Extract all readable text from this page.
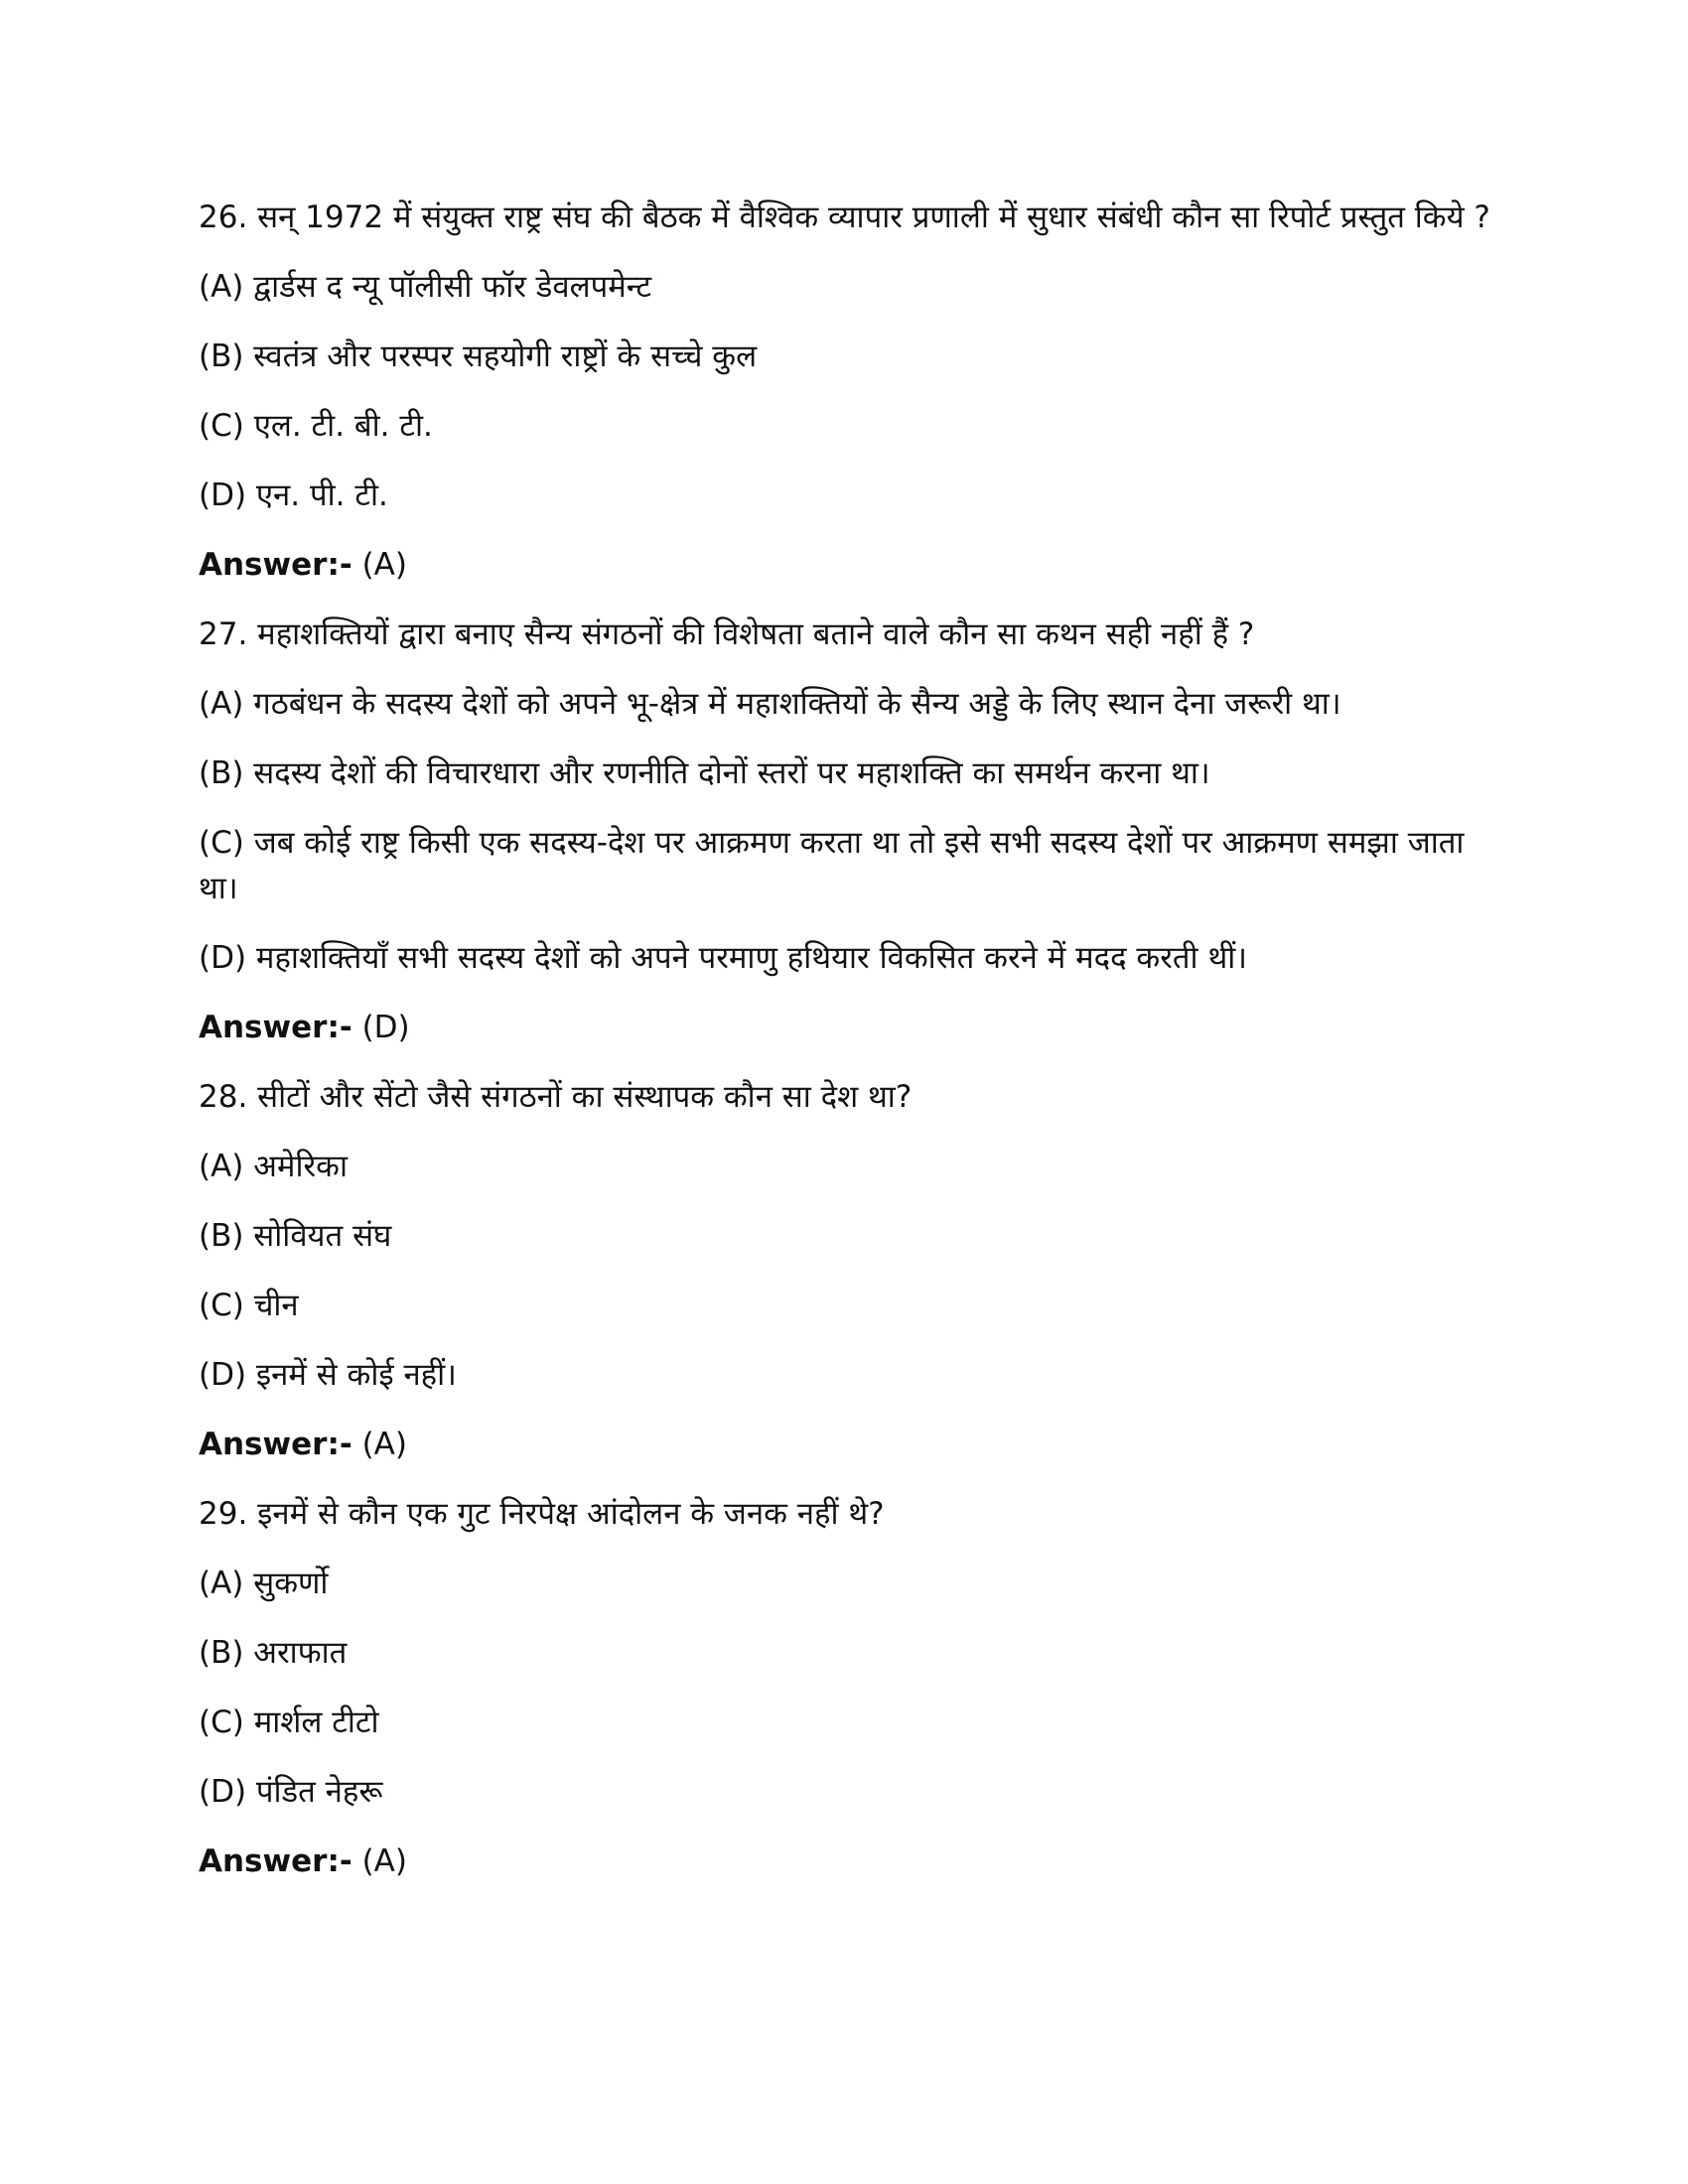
26. सन् 1972 में संयुक्त राष्ट्र संघ की बैठक में वैश्विक व्यापार प्रणाली में सुधार संबंधी कौन सा रिपोर्ट प्रस्तुत किये ?

(A) द्वार्डस द न्यू पॉलीसी फॉर डेवलपमेन्ट

(B) स्वतंत्र और परस्पर सहयोगी राष्ट्रों के सच्चे कुल

(C) एल. टी. बी. टी.

(D) एन. पी. टी.

Answer:- (A)

27. महाशक्तियों द्वारा बनाए सैन्य संगठनों की विशेषता बताने वाले कौन सा कथन सही नहीं हैं ?

(A) गठबंधन के सदस्य देशों को अपने भू-क्षेत्र में महाशक्तियों के सैन्य अड्डे के लिए स्थान देना जरूरी था।

(B) सदस्य देशों की विचारधारा और रणनीति दोनों स्तरों पर महाशक्ति का समर्थन करना था।

(C) जब कोई राष्ट्र किसी एक सदस्य-देश पर आक्रमण करता था तो इसे सभी सदस्य देशों पर आक्रमण समझा जाता था।

(D) महाशक्तियाँ सभी सदस्य देशों को अपने परमाणु हथियार विकसित करने में मदद करती थीं।

Answer:- (D)

28. सीटों और सेंटो जैसे संगठनों का संस्थापक कौन सा देश था?

(A) अमेरिका

(B) सोवियत संघ

(C) चीन

(D) इनमें से कोई नहीं।

Answer:- (A)

29. इनमें से कौन एक गुट निरपेक्ष आंदोलन के जनक नहीं थे?

(A) सुकर्णो

(B) अराफात

(C) मार्शल टीटो

(D) पंडित नेहरू

Answer:- (A)
